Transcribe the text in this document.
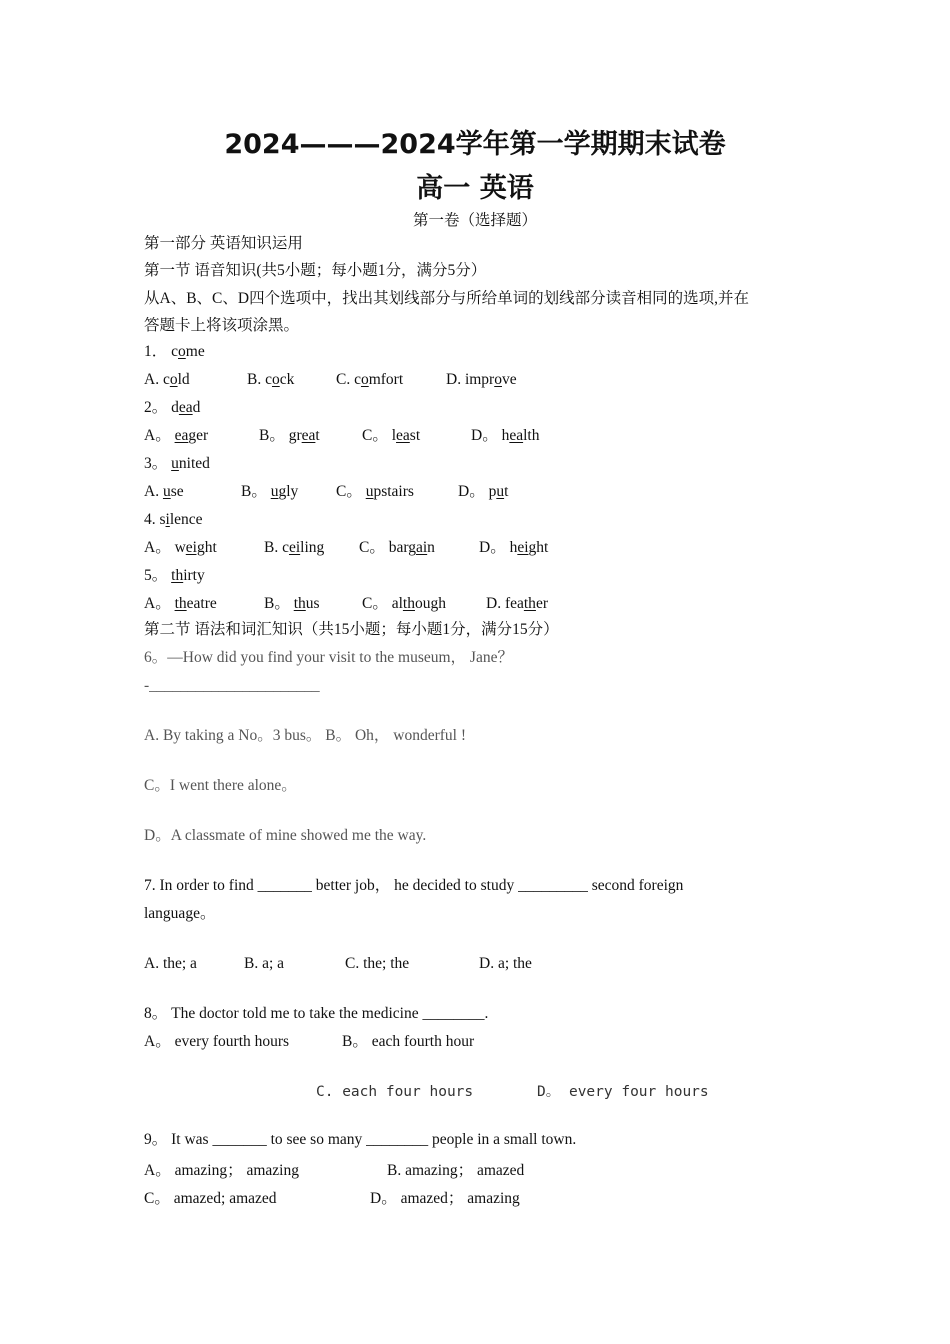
2024———2024学年第一学期期末试卷
高一 英语
第一卷（选择题）
第一部分 英语知识运用
第一节 语音知识(共5小题；每小题1分，满分5分）
从A、B、C、D四个选项中，找出其划线部分与所给单词的划线部分读音相同的选项,并在
答题卡上将该项涂黑。
1． come
A. cold	B. cock	C. comfort	D. improve
2。 dead
A。 eager	B。 great	C。 least	D。 health
3。 united
A. use	B。 ugly C。 upstairs	D。 put
4. silence
A。 weight	B. ceiling C。 bargain	D。 height
5。 thirty
A。 theatre	B。 thus	C。 although	D. feather
第二节 语法和词汇知识（共15小题；每小题1分，满分15分）
6。—How did you find your visit to the museum， Jane？
-______________________
A. By taking a No。3 bus。 B。 Oh， wonderful !
C。I went there alone。
D。A classmate of mine showed me the way.
7. In order to find _______ better job， he decided to study _________ second foreign
language。
A. the; a	B. a; a	C. the; the	D. a; the
8。 The doctor told me to take the medicine ________.
A。 every fourth hours	B。 each fourth hour
C. each four hours	D。 every four hours
9。 It was _______ to see so many ________ people in a small town.
A。 amazing； amazing	B. amazing； amazed
C。 amazed; amazed	D。 amazed； amazing
